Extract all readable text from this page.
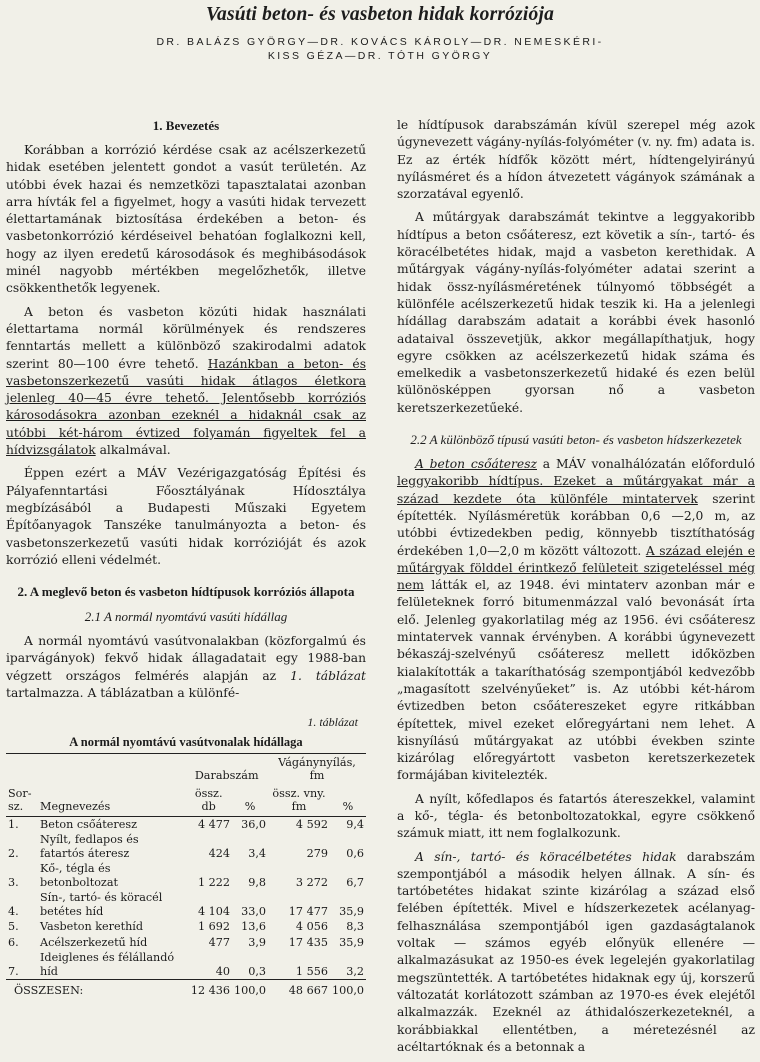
Vasúti beton- és vasbeton hidak korróziója
DR. BALÁZS GYÖRGY—DR. KOVÁCS KÁROLY—DR. NEMESKÉRI-
KISS GÉZA—DR. TÓTH GYÖRGY
1. Bevezetés

Korábban a korrózió kérdése csak az acélszerkezetű hidak esetében jelentett gondot a vasút területén. Az utóbbi évek hazai és nemzetközi tapasztalatai azonban arra hívták fel a figyelmet, hogy a vasúti hidak tervezett élettartamának biztosítása érdekében a beton- és vasbetonkorrózió kérdéseivel behatóan foglalkozni kell, hogy az ilyen eredetű károsodások és meghibásodások minél nagyobb mértékben megelőzhetők, illetve csökkenthetők legyenek.

A beton és vasbeton közúti hidak használati élettartama normál körülmények és rendszeres fenntartás mellett a különböző szakirodalmi adatok szerint 80—100 évre tehető. Hazánkban a beton- és vasbetonszerkezetű vasúti hidak átlagos életkora jelenleg 40—45 évre tehető. Jelentősebb korróziós károsodásokra azonban ezeknél a hidaknál csak az utóbbi két-három évtized folyamán figyeltek fel a hídvizsgálatok alkalmával.

Éppen ezért a MÁV Vezérigazgatóság Építési és Pályafenntartási Főosztályának Hídosztálya megbízásából a Budapesti Műszaki Egyetem Építőanyagok Tanszéke tanulmányozta a beton- és vasbetonszerkezetű vasúti hidak korrózióját és azok korrózió elleni védelmét.

2. A meglevő beton és vasbeton hídtípusok korróziós állapota
2.1 A normál nyomtávú vasúti hídállag

A normál nyomtávú vasútvonalakban (közforgalmú és iparvágányok) fekvő hidak állagadatait egy 1988-ban végzett országos felmérés alapján az 1. táblázat tartalmazza. A táblázatban a különfé-

1. táblázat
A normál nyomtávú vasútvonalak hídállaga
Sor-
sz.	Megnevezés	Darabszám		Vágánynyílás,
fm	
		össz. db	%	össz. vny. fm	%
1.	Beton csőáteresz	4 477	36,0	4 592	9,4
2.	Nyílt, fedlapos és fatartós áteresz	424	3,4	279	0,6
3.	Kő-, tégla és betonboltozat	1 222	9,8	3 272	6,7
4.	Sín-, tartó- és köracél betétes híd	4 104	33,0	17 477	35,9
5.	Vasbeton kerethíd	1 692	13,6	4 056	8,3
6.	Acélszerkezetű híd	477	3,9	17 435	35,9
7.	Ideiglenes és félállandó híd	40	0,3	1 556	3,2
ÖSSZESEN:		12 436	100,0	48 667	100,0

le hídtípusok darabszámán kívül szerepel még azok úgynevezett vágány-nyílás-folyóméter (v. ny. fm) adata is. Ez az érték hídfők között mért, hídtengelyirányú nyílásméret és a hídon átvezetett vágányok számának a szorzatával egyenlő.

A műtárgyak darabszámát tekintve a leggyakoribb hídtípus a beton csőáteresz, ezt követik a sín-, tartó- és köracélbetétes hidak, majd a vasbeton kerethidak. A műtárgyak vágány-nyílás-folyóméter adatai szerint a hidak össz-nyílásméretének túlnyomó többségét a különféle acélszerkezetű hidak teszik ki. Ha a jelenlegi hídállag darabszám adatait a korábbi évek hasonló adataival összevetjük, akkor megállapíthatjuk, hogy egyre csökken az acélszerkezetű hidak száma és emelkedik a vasbetonszerkezetű hidaké és ezen belül különösképpen gyorsan nő a vasbeton keretszerkezetűeké.

2.2 A különböző típusú vasúti beton- és vasbeton hídszerkezetek

A beton csőáteresz a MÁV vonalhálózatán előforduló leggyakoribb hídtípus. Ezeket a műtárgyakat már a század kezdete óta különféle mintatervek szerint építették. Nyílásméretük korábban 0,6 —2,0 m, az utóbbi évtizedekben pedig, könnyebb tisztíthatóság érdekében 1,0—2,0 m között változott. A század elején e műtárgyak földdel érintkező felületeit szigeteléssel még nem látták el, az 1948. évi mintaterv azonban már e felületeknek forró bitumenmázzal való bevonását írta elő. Jelenleg gyakorlatilag még az 1956. évi csőáteresz mintatervek vannak érvényben. A korábbi úgynevezett békaszáj-szelvényű csőáteresz mellett időközben kialakították a takaríthatóság szempontjából kedvezőbb „magasított szelvényűeket” is. Az utóbbi két-három évtizedben beton csőátereszeket egyre ritkábban építettek, mivel ezeket előregyártani nem lehet. A kisnyílású műtárgyakat az utóbbi években szinte kizárólag előregyártott vasbeton keretszerkezetek formájában kivitelezték.

A nyílt, kőfedlapos és fatartós átereszekkel, valamint a kő-, tégla- és betonboltozatokkal, egyre csökkenő számuk miatt, itt nem foglalkozunk.

A sín-, tartó- és köracélbetétes hidak darabszám szempontjából a második helyen állnak. A sín- és tartóbetétes hidakat szinte kizárólag a század első felében építették. Mivel e hídszerkezetek acélanyag-felhasználása szempontjából igen gazdaságtalanok voltak — számos egyéb előnyük ellenére — alkalmazásukat az 1950-es évek legelején gyakorlatilag megszüntették. A tartóbetétes hidaknak egy új, korszerű változatát korlátozott számban az 1970-es évek elejétől alkalmazzák. Ezeknél az áthidalószerkezeteknél, a korábbiakkal ellentétben, a méretezésnél az acéltartóknak és a betonnak a
